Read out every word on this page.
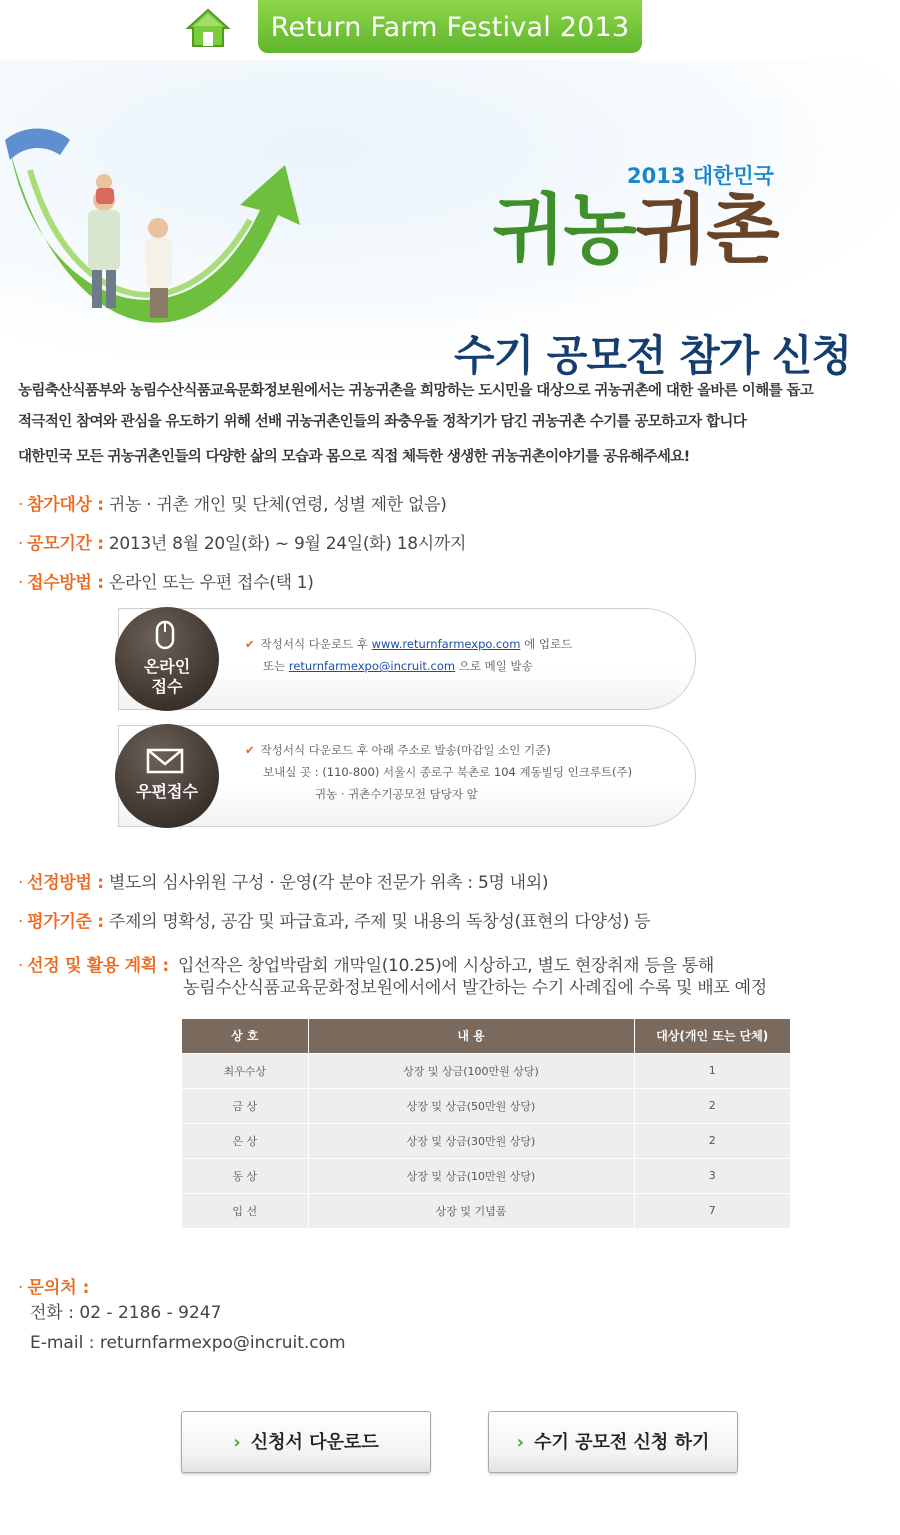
Return Farm Festival 2013
2013 대한민국
귀농귀촌
수기 공모전 참가 신청

농림축산식품부와 농림수산식품교육문화정보원에서는 귀농귀촌을 희망하는 도시민을 대상으로 귀농귀촌에 대한 올바른 이해를 돕고

적극적인 참여와 관심을 유도하기 위해 선배 귀농귀촌인들의 좌충우돌 정착기가 담긴 귀농귀촌 수기를 공모하고자 합니다

대한민국 모든 귀농귀촌인들의 다양한 삶의 모습과 몸으로 직접 체득한 생생한 귀농귀촌이야기를 공유해주세요!

· 참가대상 : 귀농 · 귀촌 개인 및 단체(연령, 성별 제한 없음)
· 공모기간 : 2013년 8월 20일(화) ~ 9월 24일(화) 18시까지
· 접수방법 : 온라인 또는 우편 접수(택 1)
온라인
접수
✔ 작성서식 다운로드 후 www.returnfarmexpo.com 에 업로드
또는 returnfarmexpo@incruit.com 으로 메일 발송
우편접수
✔ 작성서식 다운로드 후 아래 주소로 발송(마감일 소인 기준)
보내실 곳 : (110-800) 서울시 종로구 북촌로 104 계동빌딩 인크루트(주)
귀농 · 귀촌수기공모전 담당자 앞
· 선정방법 : 별도의 심사위원 구성 · 운영(각 분야 전문가 위촉 : 5명 내외)
· 평가기준 : 주제의 명확성, 공감 및 파급효과, 주제 및 내용의 독창성(표현의 다양성) 등
· 선정 및 활용 계획 : 입선작은 창업박람회 개막일(10.25)에 시상하고, 별도 현장취재 등을 통해
농림수산식품교육문화정보원에서에서 발간하는 수기 사례집에 수록 및 배포 예정
상 호	내 용	대상(개인 또는 단체)
최우수상	상장 및 상금(100만원 상당)	1
금 상	상장 및 상금(50만원 상당)	2
은 상	상장 및 상금(30만원 상당)	2
동 상	상장 및 상금(10만원 상당)	3
입 선	상장 및 기념품	7
· 문의처 :
전화 : 02 - 2186 - 9247
E-mail : returnfarmexpo@incruit.com
› 신청서 다운로드	› 수기 공모전 신청 하기
